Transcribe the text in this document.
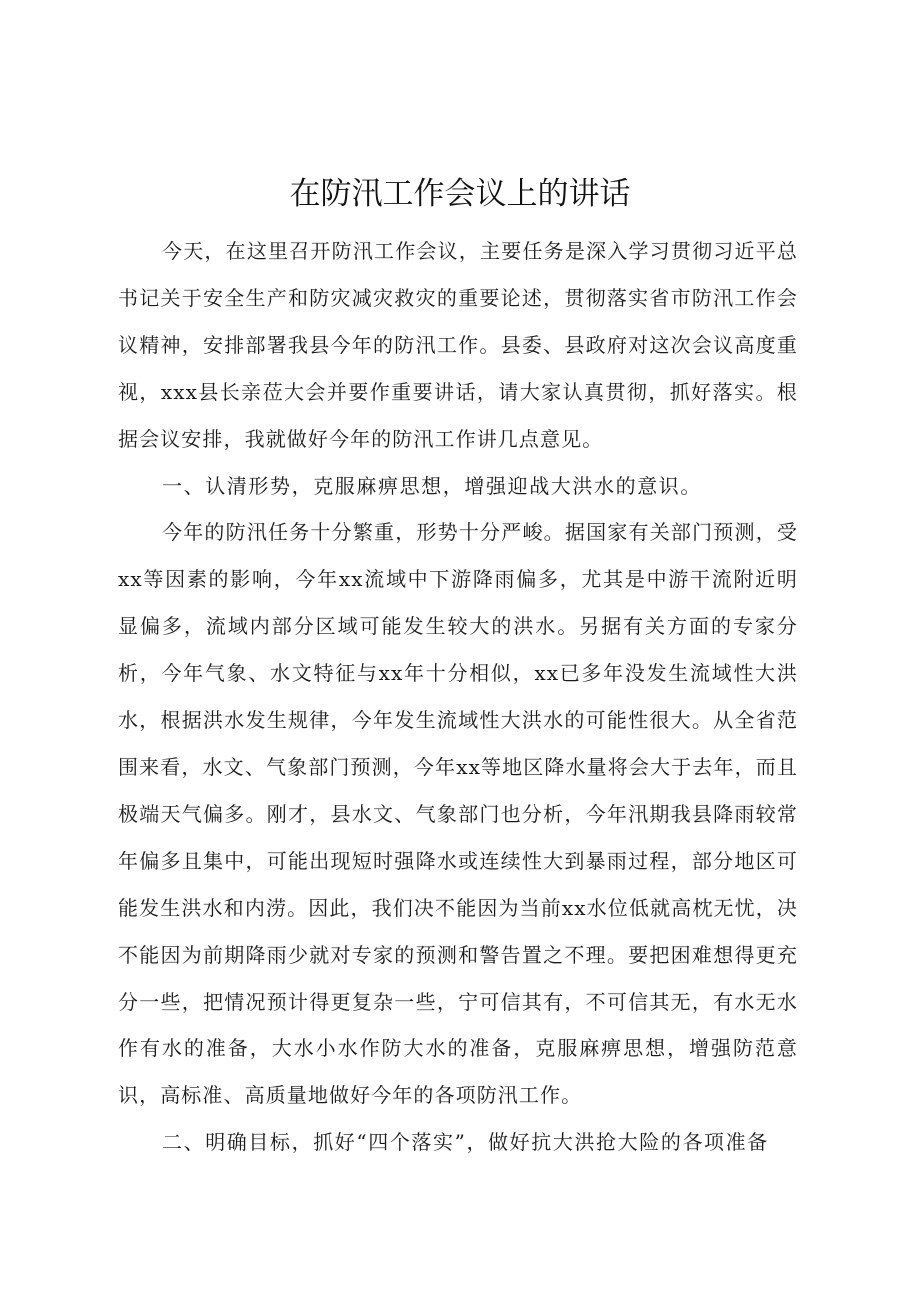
在防汛工作会议上的讲话

今天，在这里召开防汛工作会议，主要任务是深入学习贯彻习近平总书记关于安全生产和防灾减灾救灾的重要论述，贯彻落实省市防汛工作会议精神，安排部署我县今年的防汛工作。县委、县政府对这次会议高度重视，xxx县长亲莅大会并要作重要讲话，请大家认真贯彻，抓好落实。根据会议安排，我就做好今年的防汛工作讲几点意见。

一、认清形势，克服麻痹思想，增强迎战大洪水的意识。

今年的防汛任务十分繁重，形势十分严峻。据国家有关部门预测，受xx等因素的影响，今年xx流域中下游降雨偏多，尤其是中游干流附近明显偏多，流域内部分区域可能发生较大的洪水。另据有关方面的专家分析，今年气象、水文特征与xx年十分相似，xx已多年没发生流域性大洪水，根据洪水发生规律，今年发生流域性大洪水的可能性很大。从全省范围来看，水文、气象部门预测，今年xx等地区降水量将会大于去年，而且极端天气偏多。刚才，县水文、气象部门也分析，今年汛期我县降雨较常年偏多且集中，可能出现短时强降水或连续性大到暴雨过程，部分地区可能发生洪水和内涝。因此，我们决不能因为当前xx水位低就高枕无忧，决不能因为前期降雨少就对专家的预测和警告置之不理。要把困难想得更充分一些，把情况预计得更复杂一些，宁可信其有，不可信其无，有水无水作有水的准备，大水小水作防大水的准备，克服麻痹思想，增强防范意识，高标准、高质量地做好今年的各项防汛工作。

二、明确目标，抓好“四个落实”，做好抗大洪抢大险的各项准备
